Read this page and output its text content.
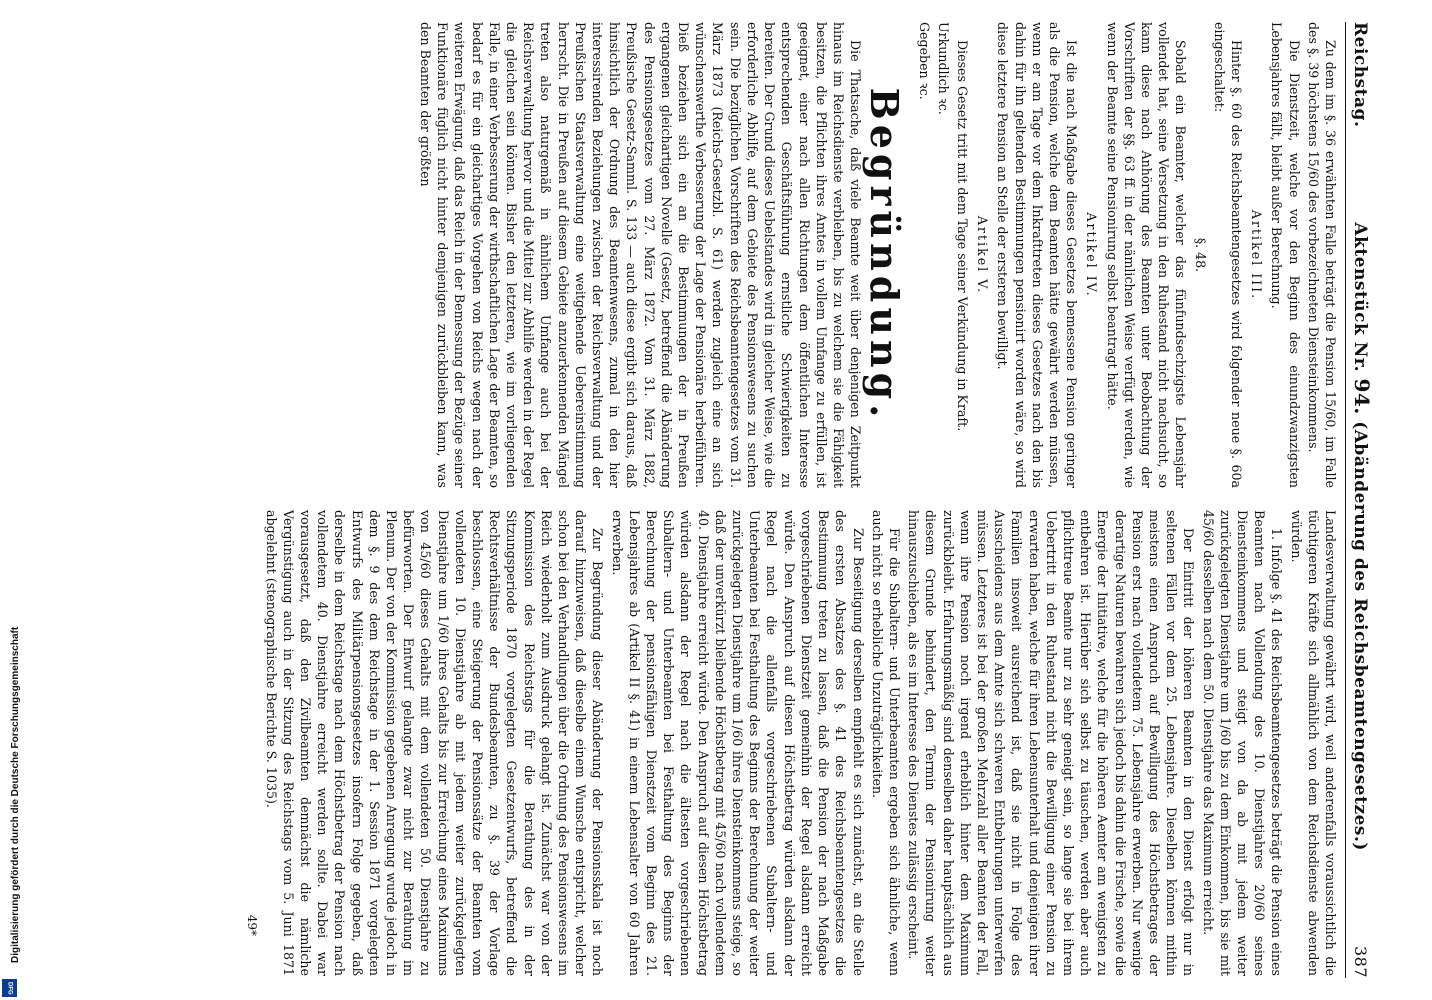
Digitalisierung gefördert durch die Deutsche Forschungsgemeinschaft
DFG
Reichstag.
Aktenstück Nr. 94. (Abänderung des Reichsbeamtengesetzes.)
387

Zu dem im §. 36 erwähnten Falle beträgt die Pension 15/60, im Falle des §. 39 höchstens 15/60 des vorbezeichneten Diensteinkommens.

Die Dienstzeit, welche vor den Beginn des einundzwanzigsten Lebensjahres fällt, bleibt außer Berechnung.

Artikel III.

Hinter §. 60 des Reichsbeamtengesetzes wird folgender neue §. 60a eingeschaltet:

§. 48.

Sobald ein Beamter, welcher das fünfundsechzigste Lebensjahr vollendet hat, seine Versetzung in den Ruhestand nicht nachsucht, so kann diese nach Anhörung des Beamten unter Beobachtung der Vorschriften der §§. 63 ff. in der nämlichen Weise verfügt werden, wie wenn der Beamte seine Pensionirung selbst beantragt hätte.

Artikel IV.

Ist die nach Maßgabe dieses Gesetzes bemessene Pension geringer als die Pension, welche dem Beamten hätte gewährt werden müssen, wenn er am Tage vor dem Inkrafttreten dieses Gesetzes nach den bis dahin für ihn geltenden Bestimmungen pensionirt worden wäre, so wird diese letztere Pension an Stelle der ersteren bewilligt.

Artikel V.

Dieses Gesetz tritt mit dem Tage seiner Verkündung in Kraft.

Urkundlich ꝛc.

Gegeben ꝛc.

Begründung.

Die Thatsache, daß viele Beamte weit über denjenigen Zeitpunkt hinaus im Reichsdienste verbleiben, bis zu welchem sie die Fähigkeit besitzen, die Pflichten ihres Amtes in vollem Umfange zu erfüllen, ist geeignet, einer nach allen Richtungen dem öffentlichen Interesse entsprechenden Geschäftsführung ernstliche Schwierigkeiten zu bereiten. Der Grund dieses Uebelstandes wird in gleicher Weise, wie die erforderliche Abhilfe, auf dem Gebiete des Pensionswesens zu suchen sein. Die bezüglichen Vorschriften des Reichsbeamtengesetzes vom 31. März 1873 (Reichs-Gesetzbl. S. 61) werden zugleich eine an sich wünschenswerthe Verbesserung der Lage der Pensionäre herbeiführen. Dieß beziehen sich ein an die Bestimmungen der in Preußen ergangenen gleichartigen Novelle (Gesetz, betreffend die Abänderung des Pensionsgesetzes vom 27. März 1872. Vom 31. März 1882, Preußische Gesetz-Samml. S. 133 — auch diese ergibt sich daraus, daß hinsichtlich der Ordnung des Beamtenwesens, zumal in den hier interessirenden Beziehungen zwischen der Reichsverwaltung und der Preußischen Staatsverwaltung eine weitgehende Uebereinstimmung herrscht. Die in Preußen auf diesem Gebiete anzuerkennenden Mängel treten also naturgemäß in ähnlichem Umfange auch bei der Reichsverwaltung hervor und die Mittel zur Abhilfe werden in der Regel die gleichen sein können. Bisher den letzteren, wie im vorliegenden Falle, in einer Verbesserung der wirthschaftlichen Lage der Beamten, so bedarf es für ein gleichartiges Vorgehen von Reichs wegen nach der weiteren Erwägung, daß das Reich in der Bemessung der Bezüge seiner Funktionäre füglich nicht hinter demjenigen zurückbleiben kann, was den Beamten der größten

Landesverwaltung gewährt wird, weil anderenfalls voraussichtlich die tüchtigeren Kräfte sich allmählich von dem Reichsdienste abwenden würden.

1. Infolge §. 41 des Reichsbeamtengesetzes beträgt die Pension eines Beamten nach Vollendung des 10. Dienstjahres 20/60 seines Diensteinkommens und steigt von da ab mit jedem weiter zurückgelegten Dienstjahre um 1/60 bis zu dem Einkommen, bis sie mit 45/60 desselben nach dem 50. Dienstjahre das Maximum erreicht.

Der Eintritt der höheren Beamten in den Dienst erfolgt nur in seltenen Fällen vor dem 25. Lebensjahre. Dieselben können mithin meistens einen Anspruch auf Bewilligung des Höchstbetrages der Pension erst nach vollendetem 75. Lebensjahre erwerben. Nur wenige derartige Naturen bewahren sich jedoch bis dahin die Frische, sowie die Energie der Initiative, welche für die höheren Aemter am wenigsten zu entbehren ist. Hierüber sich selbst zu täuschen, werden aber auch pflichttreue Beamte nur zu sehr geneigt sein, so lange sie bei ihrem Uebertritt in den Ruhestand nicht die Bewilligung einer Pension zu erwarten haben, welche für ihren Lebensunterhalt und denjenigen ihrer Familien insoweit ausreichend ist, daß sie nicht in Folge des Ausscheidens aus dem Amte sich schweren Entbehrungen unterwerfen müssen. Letzteres ist bei der großen Mehrzahl aller Beamten der Fall, wenn ihre Pension noch irgend erheblich hinter dem Maximum zurückbleibt. Erfahrungsmäßig sind denselben daher hauptsächlich aus diesem Grunde behindert, den Termin der Pensionirung weiter hinauszuschieben, als es im Interesse des Dienstes zulässig erscheint.

Für die Subaltern- und Unterbeamten ergeben sich ähnliche, wenn auch nicht so erhebliche Unzuträglichkeiten.

Zur Beseitigung derselben empfiehlt es sich zunächst, an die Stelle des ersten Absatzes des §. 41 des Reichsbeamtengesetzes die Bestimmung treten zu lassen, daß die Pension der nach Maßgabe vorgeschriebenen Dienstzeit gemeinhin der Regel alsdann erreicht würde. Den Anspruch auf diesen Höchstbetrag würden alsdann der Regel nach die allenfalls vorgeschriebenen Subaltern- und Unterbeamten bei Festhaltung des Beginns der Berechnung der weiter zurückgelegten Dienstjahre um 1/60 ihres Diensteinkommens steige, so daß der unverkürzt bleibende Höchstbetrag mit 45/60 nach vollendetem 40. Dienstjahre erreicht würde. Den Anspruch auf diesen Höchstbetrag würden alsdann der Regel nach die ältesten vorgeschriebenen Subaltern- und Unterbeamten bei Festhaltung des Beginns der Berechnung der pensionsfähigen Dienstzeit vom Beginn des 21. Lebensjahres ab (Artikel II §. 41) in einem Lebensalter von 60 Jahren erwerben.

Zur Begründung dieser Abänderung der Pensionsskala ist noch darauf hinzuweisen, daß dieselbe einem Wunsche entspricht, welcher schon bei den Verhandlungen über die Ordnung des Pensionswesens im Reich wiederholt zum Ausdruck gelangt ist. Zunächst war von der Kommission des Reichstags für die Berathung des in der Sitzungsperiode 1870 vorgelegten Gesetzentwurfs, betreffend die Rechtsverhältnisse der Bundesbeamten, zu §. 39 der Vorlage beschlossen, eine Steigerung der Pensionssätze der Beamten vom vollendeten 10. Dienstjahre ab mit jedem weiter zurückgelegten Dienstjahre um 1/60 ihres Gehalts bis zur Erreichung eines Maximums von 45/60 dieses Gehalts mit dem vollendeten 50. Dienstjahre zu befürworten. Der Entwurf gelangte zwar nicht zur Berathung im Plenum. Der von der Kommission gegebenen Anregung wurde jedoch in dem §. 9 des dem Reichstage in der 1. Session 1871 vorgelegten Entwurfs des Militärpensionsgesetzes insofern Folge gegeben, daß derselbe in dem Reichstage nach dem Höchstbetrag der Pension nach vollendetem 40. Dienstjahre erreicht werden sollte. Dabei war vorausgesetzt, daß den Zivilbeamten demnächst die nämliche Vergünstigung auch in der Sitzung des Reichstags vom 5. Juni 1871 abgelehnt (stenographische Berichte S. 1035).

49*
